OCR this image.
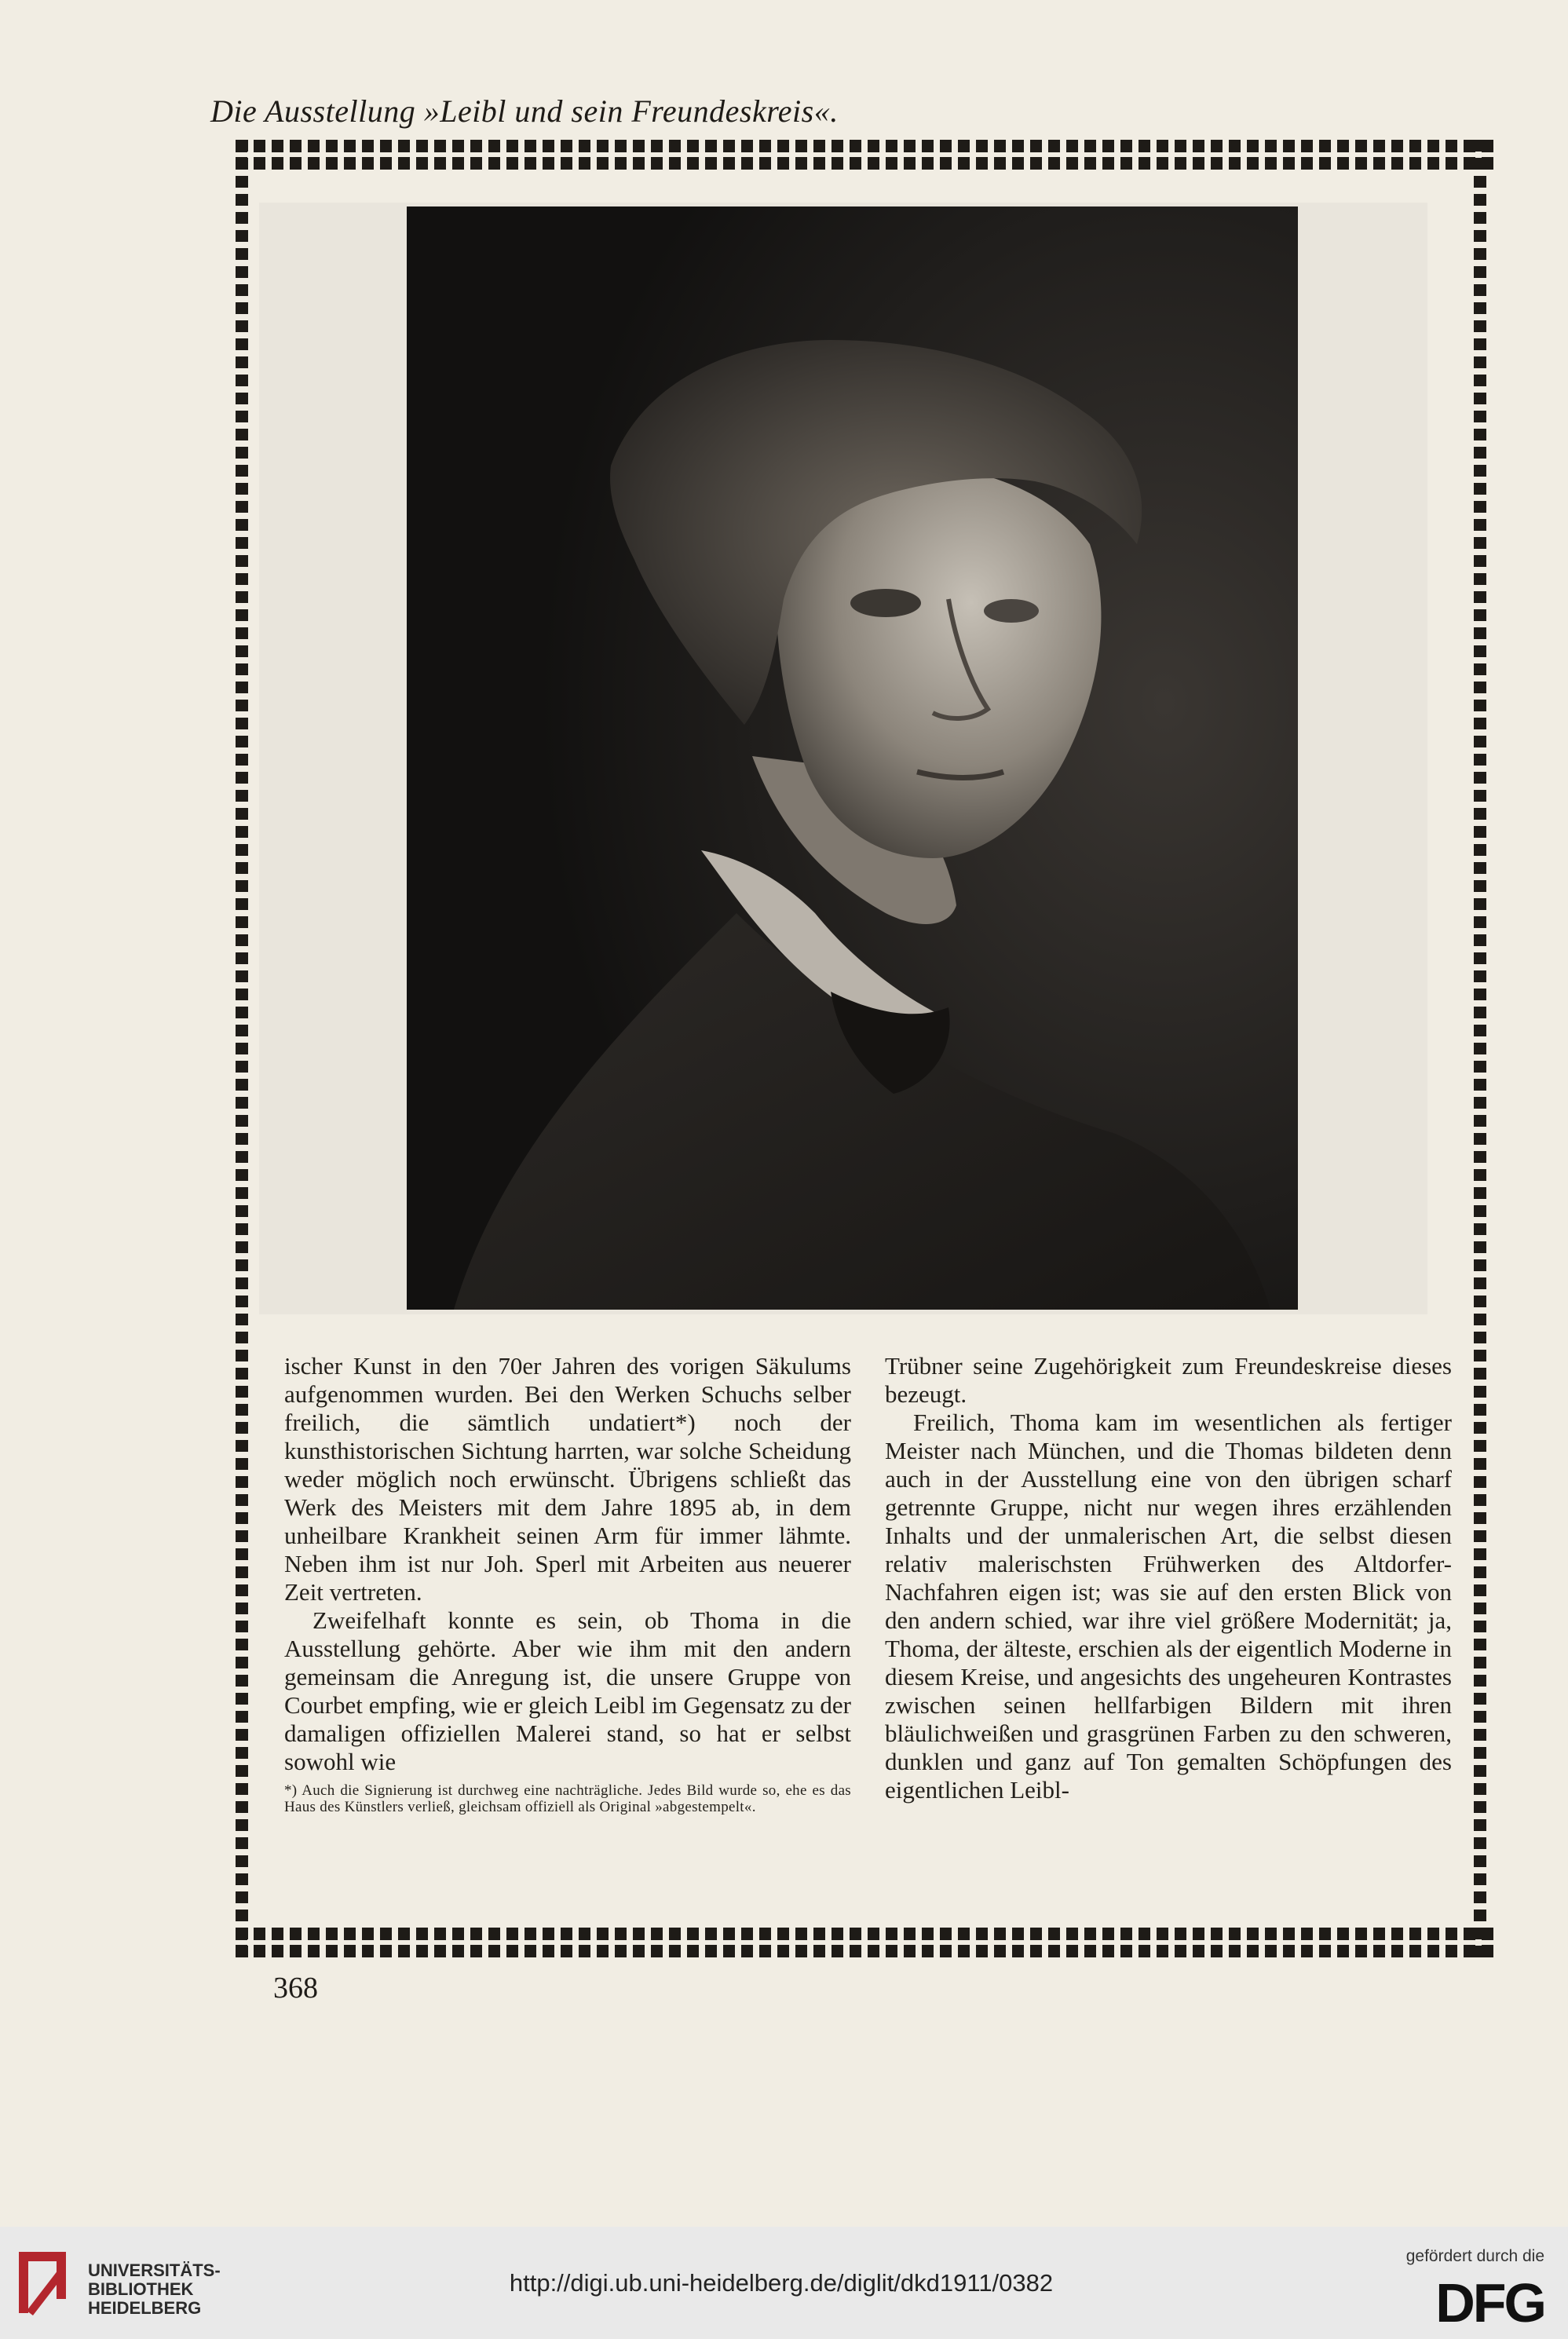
Die Ausstellung »Leibl und sein Freundeskreis«.

ischer Kunst in den 70er Jahren des vorigen Säkulums aufgenommen wurden. Bei den Werken Schuchs selber freilich, die sämtlich undatiert*) noch der kunsthistorischen Sichtung harrten, war solche Scheidung weder möglich noch erwünscht. Übrigens schließt das Werk des Meisters mit dem Jahre 1895 ab, in dem unheilbare Krankheit seinen Arm für immer lähmte. Neben ihm ist nur Joh. Sperl mit Arbeiten aus neuerer Zeit vertreten.

Zweifelhaft konnte es sein, ob Thoma in die Ausstellung gehörte. Aber wie ihm mit den andern gemeinsam die Anregung ist, die unsere Gruppe von Courbet empfing, wie er gleich Leibl im Gegensatz zu der damaligen offiziellen Malerei stand, so hat er selbst sowohl wie

*) Auch die Signierung ist durchweg eine nachträgliche. Jedes Bild wurde so, ehe es das Haus des Künstlers verließ, gleichsam offiziell als Original »abgestempelt«.

Trübner seine Zugehörigkeit zum Freundeskreise dieses bezeugt.

Freilich, Thoma kam im wesentlichen als fertiger Meister nach München, und die Thomas bildeten denn auch in der Ausstellung eine von den übrigen scharf getrennte Gruppe, nicht nur wegen ihres erzählenden Inhalts und der unmalerischen Art, die selbst diesen relativ malerischsten Frühwerken des Altdorfer-Nachfahren eigen ist; was sie auf den ersten Blick von den andern schied, war ihre viel größere Modernität; ja, Thoma, der älteste, erschien als der eigentlich Moderne in diesem Kreise, und angesichts des ungeheuren Kontrastes zwischen seinen hellfarbigen Bildern mit ihren bläulichweißen und grasgrünen Farben zu den schweren, dunklen und ganz auf Ton gemalten Schöpfungen des eigentlichen Leibl-

368
UNIVERSITÄTS-
BIBLIOTHEK
HEIDELBERG
http://digi.ub.uni-heidelberg.de/diglit/dkd1911/0382
gefördert durch die
DFG
